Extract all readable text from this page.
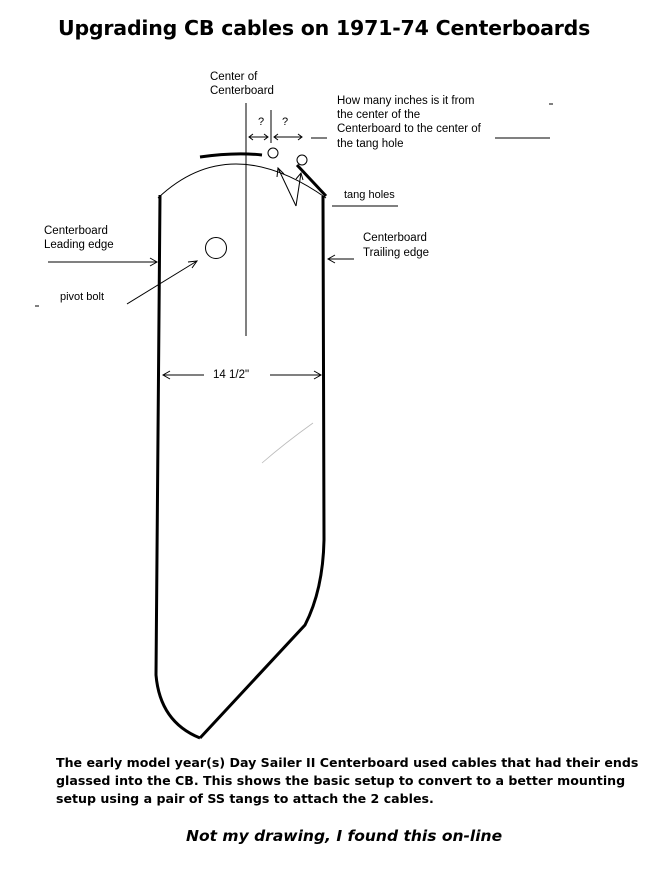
Upgrading CB cables on 1971-74 Centerboards
Center of
Centerboard
? ?
How many inches is it from
the center of the
Centerboard to the center of
the tang hole
tang holes
Centerboard
Leading edge
Centerboard
Trailing edge
pivot bolt
14 1/2"
The early model year(s) Day Sailer II Centerboard used cables that had their ends glassed into the CB. This shows the basic setup to convert to a better mounting setup using a pair of SS tangs to attach the 2 cables.
Not my drawing, I found this on-line
